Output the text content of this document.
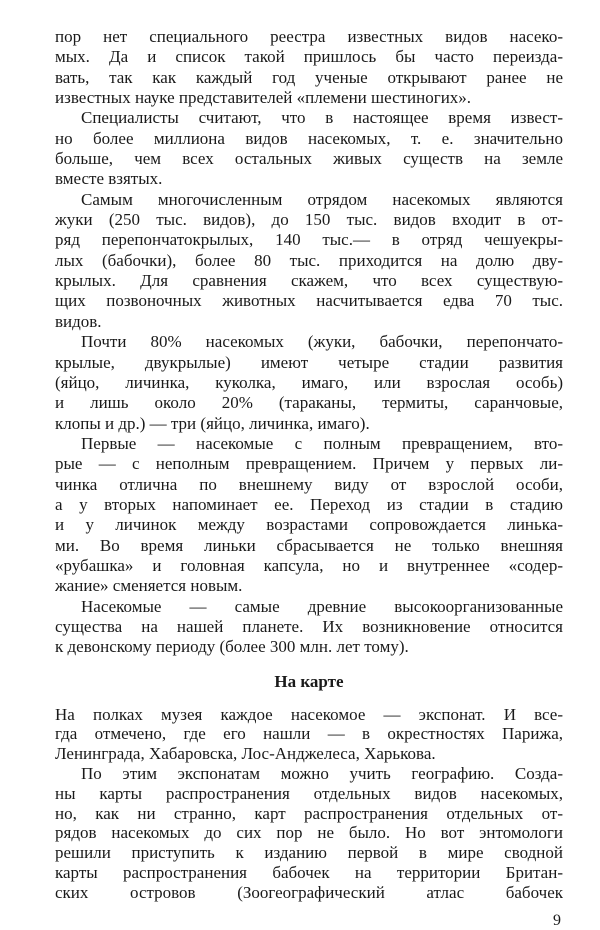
пор нет специального реестра известных видов насеко-
мых. Да и список такой пришлось бы часто переизда-
вать, так как каждый год ученые открывают ранее не
известных науке представителей «племени шестиногих».
Специалисты считают, что в настоящее время извест-
но более миллиона видов насекомых, т. е. значительно
больше, чем всех остальных живых существ на земле
вместе взятых.
Самым многочисленным отрядом насекомых являются
жуки (250 тыс. видов), до 150 тыс. видов входит в от-
ряд перепончатокрылых, 140 тыс.— в отряд чешуекры-
лых (бабочки), более 80 тыс. приходится на долю дву-
крылых. Для сравнения скажем, что всех существую-
щих позвоночных животных насчитывается едва 70 тыс.
видов.
Почти 80% насекомых (жуки, бабочки, перепончато-
крылые, двукрылые) имеют четыре стадии развития
(яйцо, личинка, куколка, имаго, или взрослая особь)
и лишь около 20% (тараканы, термиты, саранчовые,
клопы и др.) — три (яйцо, личинка, имаго).
Первые — насекомые с полным превращением, вто-
рые — с неполным превращением. Причем у первых ли-
чинка отлична по внешнему виду от взрослой особи,
а у вторых напоминает ее. Переход из стадии в стадию
и у личинок между возрастами сопровождается линька-
ми. Во время линьки сбрасывается не только внешняя
«рубашка» и головная капсула, но и внутреннее «содер-
жание» сменяется новым.
Насекомые — самые древние высокоорганизованные
существа на нашей планете. Их возникновение относится
к девонскому периоду (более 300 млн. лет тому).
На карте
На полках музея каждое насекомое — экспонат. И все-
гда отмечено, где его нашли — в окрестностях Парижа,
Ленинграда, Хабаровска, Лос-Анджелеса, Харькова.
По этим экспонатам можно учить географию. Созда-
ны карты распространения отдельных видов насекомых,
но, как ни странно, карт распространения отдельных от-
рядов насекомых до сих пор не было. Но вот энтомологи
решили приступить к изданию первой в мире сводной
карты распространения бабочек на территории Британ-
ских островов (Зоогеографический атлас бабочек
9
